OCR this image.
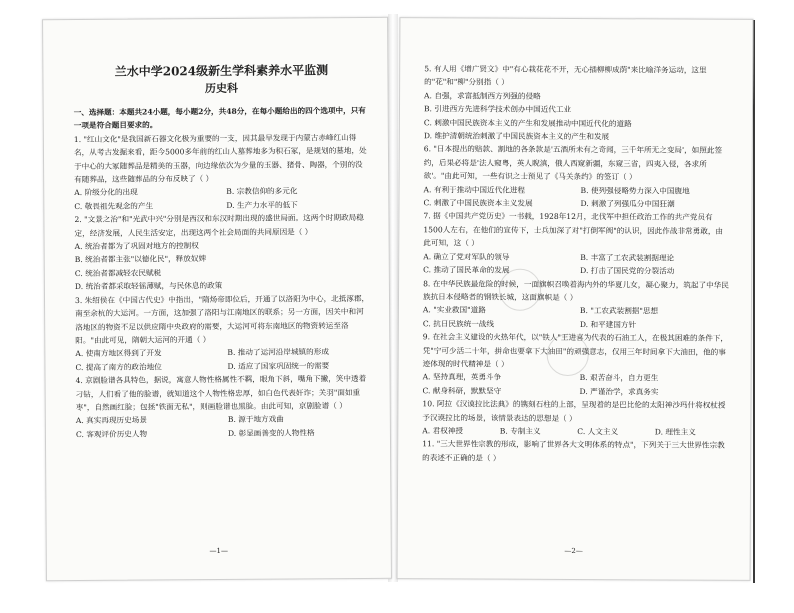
兰水中学2024级新生学科素养水平监测
历史科

一、选择题：本题共24小题，每小题2分，共48分，在每小题给出的四个选项中，只有一项是符合题目要求的。

1. "红山文化"是我国新石器文化极为重要的一支，因其最早发现于内蒙古赤峰红山得名，从考古发掘来看，距今5000多年前的红山人墓葬地多为积石冢，是规划的墓地，处于中心的大冢随葬品是精美的玉器，向边缘依次为少量的玉器、猪骨、陶器，个别的没有随葬品，这些随葬品的分布反映了（ ）

A. 阶级分化的出现	B. 宗教信仰的多元化
C. 敬畏祖先观念的产生	D. 生产力水平的低下

2. "文景之治"和"光武中兴"分别是西汉和东汉时期出现的盛世局面。这两个时期政局稳定，经济发展，人民生活安定，出现这两个社会局面的共同原因是（ ）

A. 统治者都为了巩固对地方的控制权
B. 统治者都主张"以德化民"，释放奴婢
C. 统治者都减轻农民赋税
D. 统治者都采取轻徭薄赋，与民休息的政策

3. 朱绍侯在《中国古代史》中指出，"隋炀帝即位后，开通了以洛阳为中心，北抵涿郡，南至余杭的大运河。一方面，这加强了洛阳与江南地区的联系；另一方面，因关中和河洛地区的物资不足以供应隋中央政府的需要，大运河可将东南地区的物资转运至洛阳。"由此可见，隋朝大运河的开通（ ）

A. 使南方地区得到了开发	B. 推动了运河沿岸城镇的形成
C. 提高了南方的政治地位	D. 适应了国家巩固统一的需要

4. 京剧脸谱各具特色，据说，寓意人物性格属性不羁，眼角下斜，嘴角下撇，笑中透着刁钻，人们看了他的脸谱，就知道这个人物性格忠厚，如白色代表奸诈；关羽"面如重枣"，自然画红脸；包拯"铁面无私"，则画脸谱也黑脸。由此可知，京剧脸谱（ ）

A. 真实再现历史场景	B. 源于地方戏曲
C. 客观评价历史人物	D. 彰显画善变的人物性格
—1—

5. 有人用《增广贤文》中"有心栽花花不开，无心插柳柳成荫"来比喻洋务运动，这里的"花"和"柳"分别指（ ）

A. 自强，求富抵制西方列强的侵略
B. 引进西方先进科学技术创办中国近代工业
C. 刺激中国民族资本主义的产生和发展推动中国近代化的道路
D. 维护清朝统治刺激了中国民族资本主义的产生和发展

6. "日本提出的赔款、割地的各条款是'五酒所未有之奇闻，三千年所无之变局'，如照此签约，后果必将是'法人窥粤，英人睨滇，俄人西窥新疆，东窥三省，四夷入侵，各求所欲'。"由此可知，一些有识之士预见了《马关条约》的签订（ ）

A. 有利于推动中国近代化进程	B. 使列强侵略势力深入中国腹地
C. 刺激了中国民族资本主义发展	D. 刺激了列强瓜分中国狂潮

7. 据《中国共产党历史》一书载，1928年12月，北伐军中担任政治工作的共产党员有1500人左右，在他们的宣传下，士兵加深了对"打倒军阀"的认识，因此作战非常勇敢，由此可知，这（ ）

A. 确立了党对军队的领导	B. 丰富了工农武装割据理论
C. 推动了国民革命的发展	D. 打击了国民党的分裂活动

8. 在中华民族最危险的时候，一面旗帜召唤着海内外的华夏儿女，凝心聚力，筑起了中华民族抗日本侵略者的钢铁长城，这面旗帜是（ ）

A. "实业救国"道路	B. "工农武装割据"思想
C. 抗日民族统一战线	D. 和平建国方针

9. 在社会主义建设的火热年代，以"铁人"王进喜为代表的石油工人，在极其困难的条件下，凭"宁可少活二十年，拼命也要拿下大油田"的顽强意志，仅用三年时间拿下大油田，他的事迹体现的时代精神是（ ）

A. 坚持真理，英勇斗争	B. 艰苦奋斗，自力更生
C. 献身科研，默默坚守	D. 严谨治学，求真务实

10. 阿拉《汉谟拉比法典》的镌刻石柱的上部，呈现着的是巴比伦的太阳神沙玛什将权杖授予汉谟拉比的场景，该情景表达的思想是（ ）

A. 君权神授	B. 专制主义	C. 人文主义	D. 理性主义

11. "三大世界性宗教的形成，影响了世界各大文明体系的特点"，下列关于三大世界性宗教的表述不正确的是（ ）

—2—
